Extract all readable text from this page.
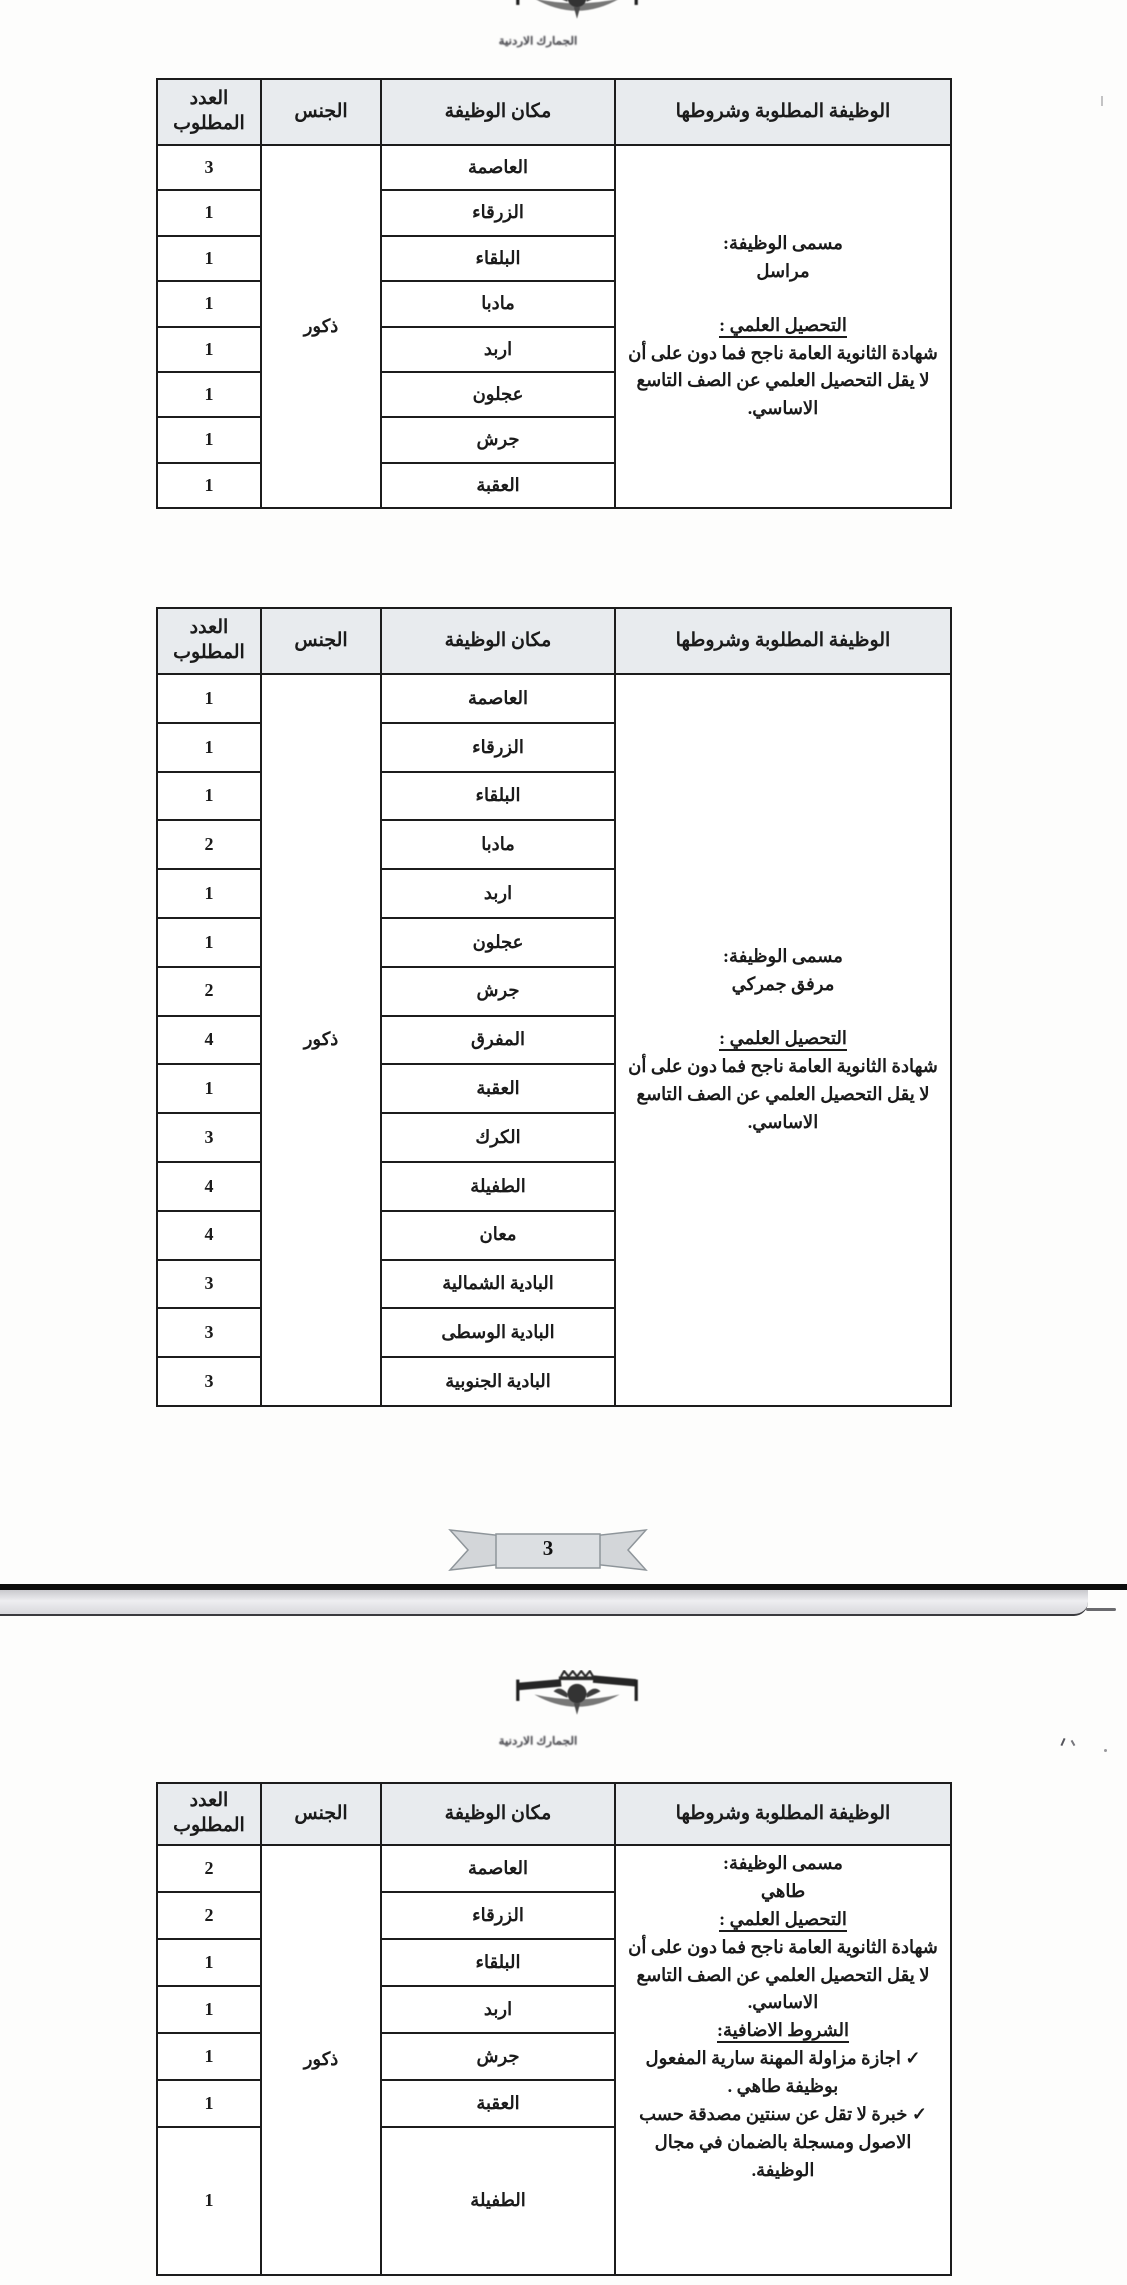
الجمارك الاردنية
الوظيفة المطلوبة وشروطها
مكان الوظيفة
الجنس
العدد المطلوب
مسمى الوظيفة:
مراسل
التحصيل العلمي :
شهادة الثانوية العامة ناجح فما دون على أن لا يقل التحصيل العلمي عن الصف التاسع الاساسي.
العاصمة
الزرقاء
البلقاء
مادبا
اربد
عجلون
جرش
العقبة
ذكور
3
1
1
1
1
1
1
1
الوظيفة المطلوبة وشروطها
مكان الوظيفة
الجنس
العدد المطلوب
مسمى الوظيفة:
مرفق جمركي
التحصيل العلمي :
شهادة الثانوية العامة ناجح فما دون على أن لا يقل التحصيل العلمي عن الصف التاسع الاساسي.
العاصمة
الزرقاء
البلقاء
مادبا
اربد
عجلون
جرش
المفرق
العقبة
الكرك
الطفيلة
معان
البادية الشمالية
البادية الوسطى
البادية الجنوبية
ذكور
1
1
1
2
1
1
2
4
1
3
4
4
3
3
3
3
الجمارك الاردنية
الوظيفة المطلوبة وشروطها
مكان الوظيفة
الجنس
العدد المطلوب
مسمى الوظيفة:
طاهي
التحصيل العلمي :
شهادة الثانوية العامة ناجح فما دون على أن لا يقل التحصيل العلمي عن الصف التاسع الاساسي.
الشروط الاضافية:
✓ اجازة مزاولة المهنة سارية المفعول بوظيفة طاهي .
✓ خبرة لا تقل عن سنتين مصدقة حسب الاصول ومسجلة بالضمان في مجال الوظيفة.
العاصمة
الزرقاء
البلقاء
اربد
جرش
العقبة
الطفيلة
ذكور
2
2
1
1
1
1
1
